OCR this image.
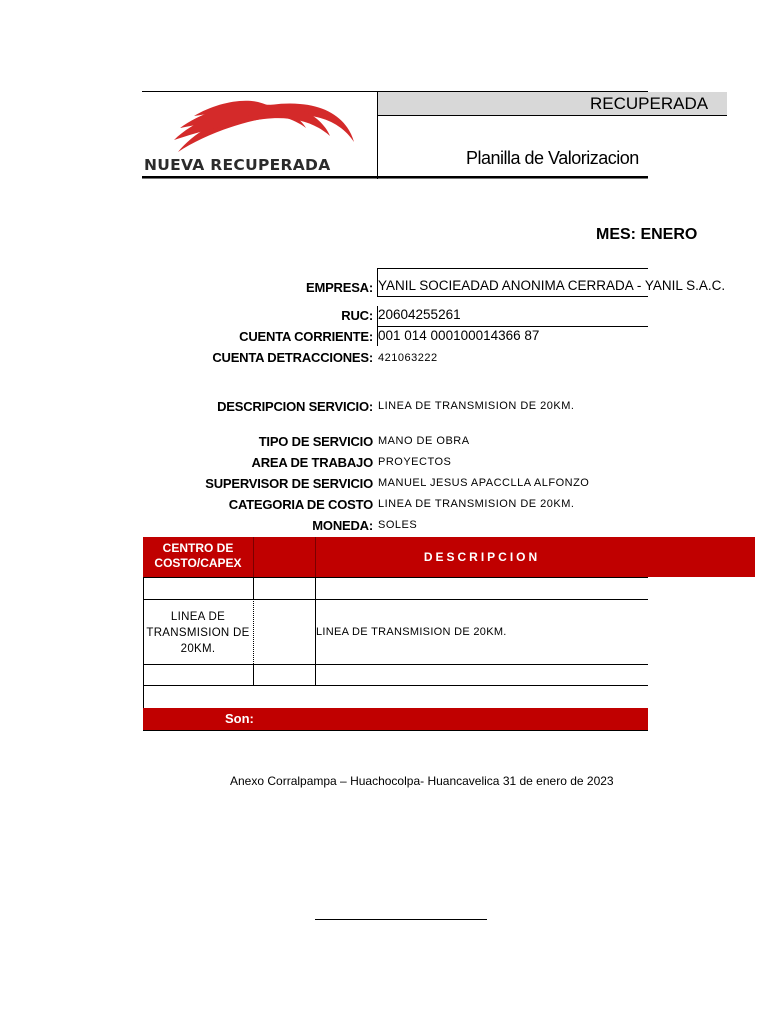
RECUPERADA
NUEVA RECUPERADA	Planilla de Valorizacion
MES: ENERO
EMPRESA: YANIL SOCIEADAD ANONIMA CERRADA - YANIL S.A.C.
RUC: 20604255261
CUENTA CORRIENTE: 001 014 000100014366 87
CUENTA DETRACCIONES: 421063222
DESCRIPCION SERVICIO: LINEA DE TRANSMISION DE 20KM.
TIPO DE SERVICIO MANO DE OBRA
AREA DE TRABAJO PROYECTOS
SUPERVISOR DE SERVICIO MANUEL JESUS APACCLLA ALFONZO
CATEGORIA DE COSTO LINEA DE TRANSMISION DE 20KM.
MONEDA: SOLES
CENTRO DE COSTO/CAPEX	DESCRIPCION
LINEA DE TRANSMISION DE 20KM.
LINEA DE TRANSMISION DE 20KM.
Son:
Anexo Corralpampa – Huachocolpa- Huancavelica 31 de enero de 2023
